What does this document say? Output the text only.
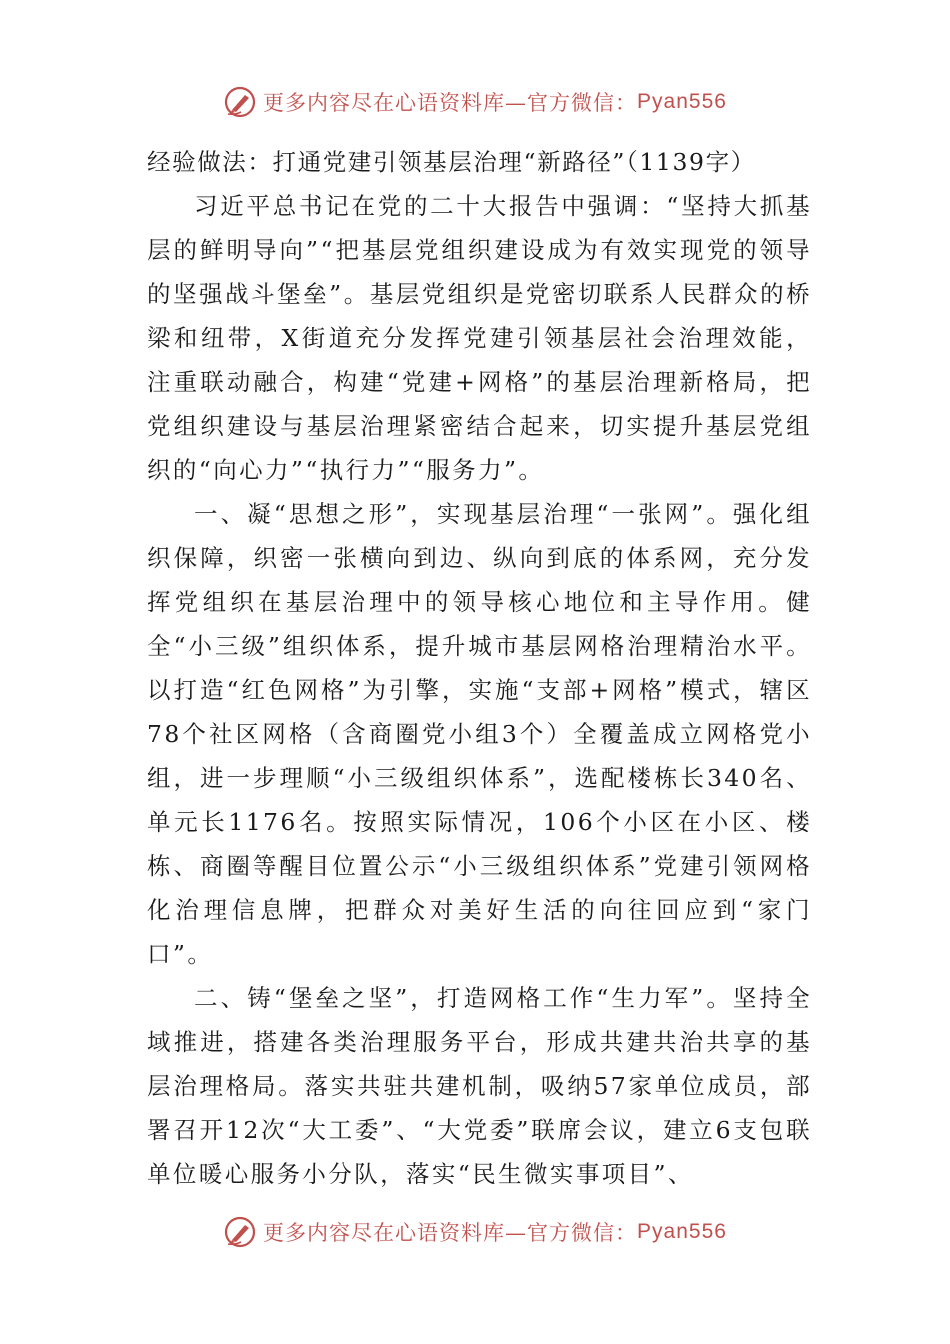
更多内容尽在心语资料库—官方微信： Pyan556

经验做法：打通党建引领基层治理“新路径”（1139字）

习近平总书记在党的二十大报告中强调：“坚持大抓基层的鲜明导向”“把基层党组织建设成为有效实现党的领导的坚强战斗堡垒”。基层党组织是党密切联系人民群众的桥梁和纽带，X街道充分发挥党建引领基层社会治理效能，注重联动融合，构建“党建+网格”的基层治理新格局，把党组织建设与基层治理紧密结合起来，切实提升基层党组织的“向心力”“执行力”“服务力”。

一、凝“思想之形”，实现基层治理“一张网”。强化组织保障，织密一张横向到边、纵向到底的体系网，充分发挥党组织在基层治理中的领导核心地位和主导作用。健全“小三级”组织体系，提升城市基层网格治理精治水平。以打造“红色网格”为引擎，实施“支部+网格”模式，辖区78个社区网格（含商圈党小组3个）全覆盖成立网格党小组，进一步理顺“小三级组织体系”，选配楼栋长340名、单元长1176名。按照实际情况，106个小区在小区、楼栋、商圈等醒目位置公示“小三级组织体系”党建引领网格化治理信息牌，把群众对美好生活的向往回应到“家门口”。

二、铸“堡垒之坚”，打造网格工作“生力军”。坚持全域推进，搭建各类治理服务平台，形成共建共治共享的基层治理格局。落实共驻共建机制，吸纳57家单位成员，部署召开12次“大工委”、“大党委”联席会议，建立6支包联单位暖心服务小分队，落实“民生微实事项目”、

更多内容尽在心语资料库—官方微信： Pyan556
